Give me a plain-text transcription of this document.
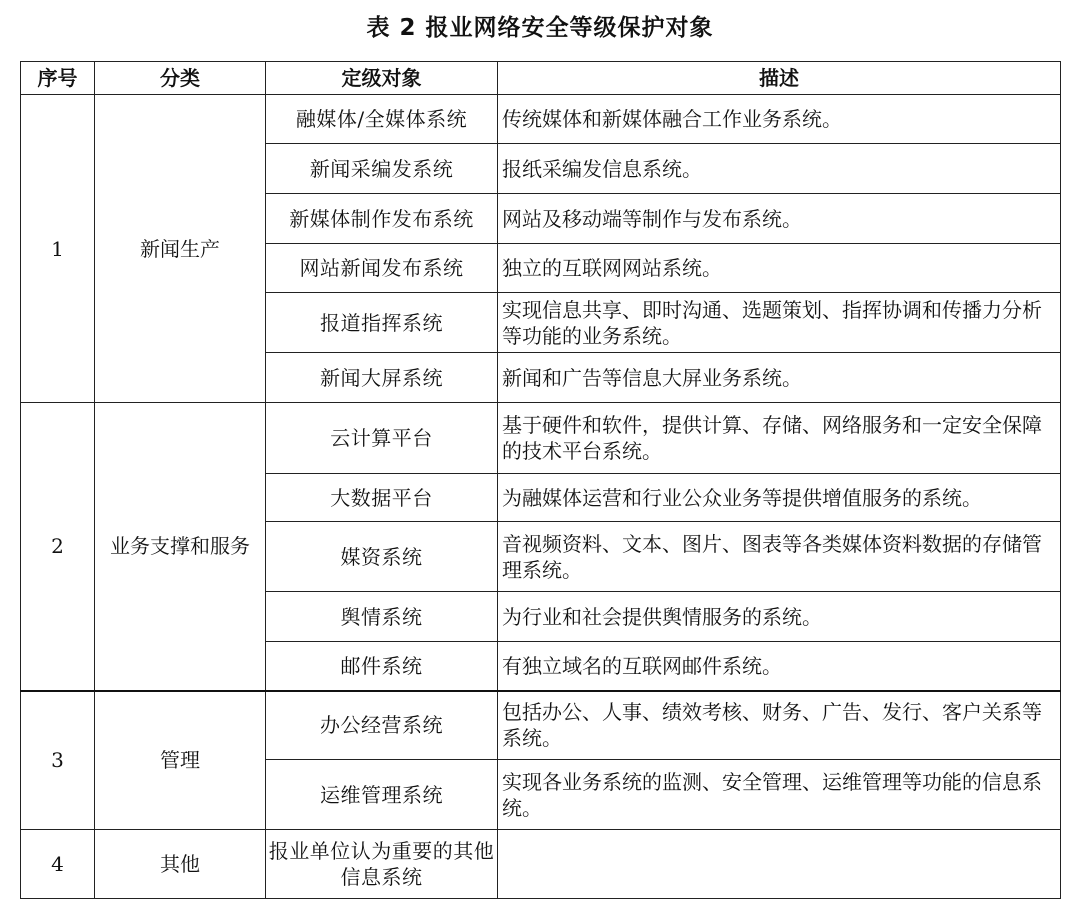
表 2 报业网络安全等级保护对象
序号	分类	定级对象	描述
1	新闻生产	融媒体/全媒体系统	传统媒体和新媒体融合工作业务系统。
		新闻采编发系统	报纸采编发信息系统。
		新媒体制作发布系统	网站及移动端等制作与发布系统。
		网站新闻发布系统	独立的互联网网站系统。
		报道指挥系统	实现信息共享、即时沟通、选题策划、指挥协调和传播力分析等功能的业务系统。
		新闻大屏系统	新闻和广告等信息大屏业务系统。
2	业务支撑和服务	云计算平台	基于硬件和软件，提供计算、存储、网络服务和一定安全保障的技术平台系统。
		大数据平台	为融媒体运营和行业公众业务等提供增值服务的系统。
		媒资系统	音视频资料、文本、图片、图表等各类媒体资料数据的存储管理系统。
		舆情系统	为行业和社会提供舆情服务的系统。
		邮件系统	有独立域名的互联网邮件系统。
3	管理	办公经营系统	包括办公、人事、绩效考核、财务、广告、发行、客户关系等系统。
		运维管理系统	实现各业务系统的监测、安全管理、运维管理等功能的信息系统。
4	其他	报业单位认为重要的其他信息系统	
